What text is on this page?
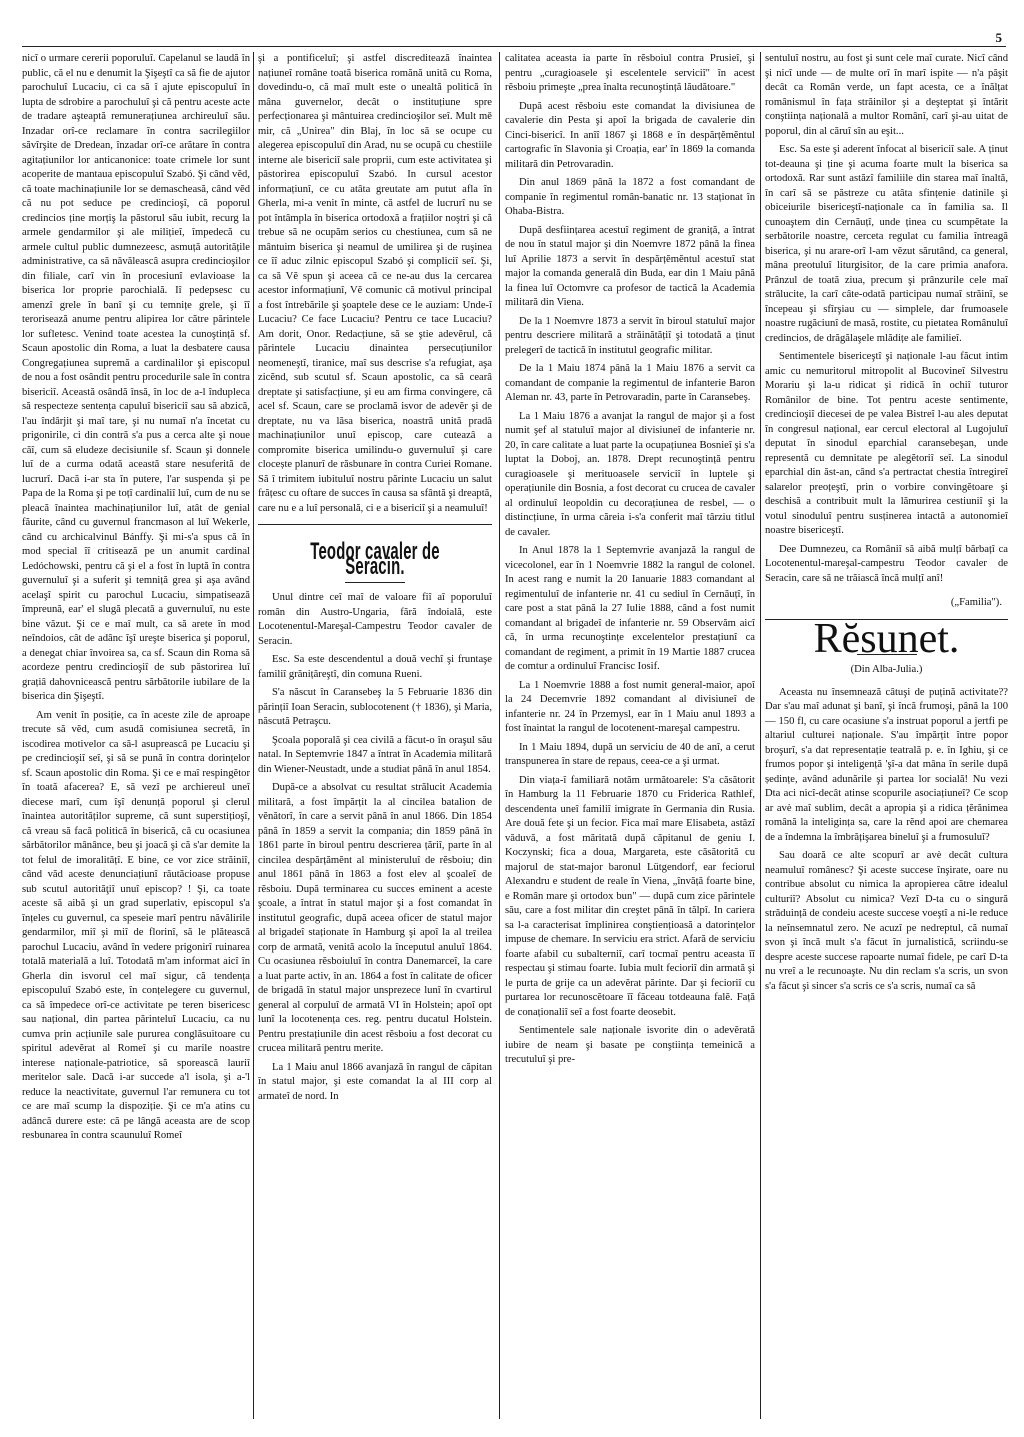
5

nicî o urmare cererii poporuluî. Capelanul se laudă în public, că el nu e denumit la Şişeştî ca să fie de ajutor parochuluî Lucaciu, ci ca să î ajute episcopuluî în lupta de sdrobire a parochuluî şi că pentru aceste acte de tradare aşteaptă remunerațiunea archireuluî său. Inzadar orî-ce reclamare în contra sacrilegiilor săvîrşite de Dredean, înzadar orî-ce arătare în contra agitațiunilor lor anticanonice: toate crimele lor sunt acoperite de mantaua episcopuluî Szabó. Şi când vĕd, că toate machinațiunile lor se demascheasă, când vĕd că nu pot seduce pe credincioşî, că poporul credincios ține morțiş la păstorul său iubit, recurg la armele gendarmilor şi ale milițieî, împedecă cu armele cultul public dumnezeesc, asmuță autoritățile administrative, ca să năvăleascâ asupra credincioşilor din filiale, carî vin în procesiunî evlavioase la biserica lor proprie parochială. Iî pedepsesc cu amenzî grele în banî şi cu temnițe grele, şi îî terorisează anume pentru alipirea lor către părintele lor sufletesc. Venind toate acestea la cunoştință sf. Scaun apostolic din Roma, a luat la desbatere causa Congregațiunea supremă a cardinalilor şi episcopul de nou a fost osândit pentru procedurile sale în contra bisericiî. Această osândă însă, în loc de a-l îndupleca să respecteze sentența capuluî bisericiî sau să abzică, l'au îndârjit şi maî tare, şi nu numaî n'a încetat cu prigonirile, ci din contră s'a pus a cerca alte şi noue căî, cum să eludeze decisiunile sf. Scaun şi donnele luî de a curma odată această stare nesuferită de lucrurî. Dacă i-ar sta în putere, l'ar suspenda şi pe Papa de la Roma şi pe toțî cardinaliî luî, cum de nu se pleacă înaintea machinațiunilor luî, atât de genial făurite, când cu guvernul francmason al luî Wekerle, când cu archicalvinul Bánffy. Şi mi-s'a spus că în mod special îî critisează pe un anumit cardinal Ledóchowski, pentru că şi el a fost în luptă în contra guvernuluî şi a suferit şi temniță grea şi aşa având acelaşî spirit cu parochul Lucaciu, simpatisează împreună, ear' el slugă plecată a guvernuluî, nu este bine văzut. Şi ce e maî mult, ca să arete în mod neîndoios, cât de adânc îşî ureşte biserica şi poporul, a denegat chiar învoirea sa, ca sf. Scaun din Roma să acordeze pentru credincioşiî de sub păstorirea luî grațiâ dahovnicească pentru sărbătorile iubilare de la biserica din Şişeştî.

Am venit în posiție, ca în aceste zile de aproape trecute să vĕd, cum asudă comisiunea secretă, în iscodirea motivelor ca să-l asupreascâ pe Lucaciu şi pe credincioşiî seî, şi să se pună în contra dorințelor sf. Scaun apostolic din Roma. Şi ce e maî respingĕtor în toată afacerea? E, să vezî pe archiereul uneî diecese marî, cum îşî denunță poporul şi clerul înaintea autorităților supreme, că sunt superstițioşî, că vreau să facă politică în biserică, că cu ocasiunea sărbătorilor mânânce, beu şi joacă şi că s'ar demite la tot felul de imoralitățî. E bine, ce vor zice străiniî, când văd aceste denunciațiunî răutăcioase propuse sub scutul autorităţiî unuî episcop? ! Şi, ca toate aceste să aibă şi un grad superlativ, episcopul s'a înțeles cu guvernul, ca speseie marî pentru năvălirile gendarmilor, miî şi miî de florinî, să le plătească parochul Lucaciu, având în vedere prigonirî ruinarea totală materială a luî. Totodată m'am informat aicî în Gherla din isvorul cel maî sigur, că tendența episcopuluî Szabó este, în conțelegere cu guvernul, ca să împedece orî-ce activitate pe teren bisericesc sau național, din partea părinteluî Lucaciu, ca nu cumva prin acțiunile sale pururea conglăsuitoare cu spiritul adevĕrat al Romeî şi cu marile noastre interese naționale-patriotice, să sporească lauriî meritelor sale. Dacă i-ar succede a'l isola, şi a-'l reduce la neactivitate, guvernul l'ar remunera cu tot ce are maî scump la dispoziție. Şi ce m'a atins cu adâncă durere este: că pe lângă aceasta are de scop resbunarea în contra scaunuluî Romeî

şi a pontificeluî; şi astfel discreditează înaintea națiuneî române toată biserica romănă unită cu Roma, dovedindu-o, că maî mult este o unealtă politică în mâna guvernelor, decât o instituțiune spre perfecționarea şi mântuirea credincioşilor seî. Mult mě mir, că „Unirea" din Blaj, în loc să se ocupe cu alegerea episcopuluî din Arad, nu se ocupă cu chestiile interne ale bisericiî sale proprii, cum este activitatea şi păstorirea episcopuluî Szabó. In cursul acestor informațiunî, ce cu atâta greutate am putut afla în Gherla, mi-a venit în minte, că astfel de lucrurî nu se pot întâmpla în biserica ortodoxă a frațiilor noştri şi că trebue să ne ocupăm serios cu chestiunea, cum să ne mântuim biserica şi neamul de umilirea şi de ruşinea ce îî aduc zilnic episcopul Szabó şi compliciî seî. Şi, ca să Vĕ spun şi aceea că ce ne-au dus la cercarea acestor informațiunî, Vĕ comunic că motivul principal a fost întrebările şi şoaptele dese ce le auziam: Unde-î Lucaciu? Ce face Lucaciu? Pentru ce tace Lucaciu? Am dorit, Onor. Redacțiune, să se ştie adevĕrul, că părintele Lucaciu dinaintea persecuțiunilor neomeneştî, tiranice, maî sus descrise s'a refugiat, aşa zicĕnd, sub scutul sf. Scaun apostolic, ca să cearâ dreptate şi satisfacțiune, şi eu am firma convingere, că acel sf. Scaun, care se proclamă isvor de adevĕr şi de dreptate, nu va lăsa biserica, noastră unită pradă machinațiunilor unuî episcop, care cuteazâ a compromite biserica umilindu-o guvernuluî şi care clocește planurî de răsbunare în contra Curiei Romane. Să î trimitem iubituluî nostru părinte Lucaciu un salut frățesc cu oftare de succes în causa sa sfântă şi dreaptă, care nu e a luî personală, ci e a bisericiî şi a neamuluî!

Teodor cavaler de Seracin.

Unul dintre ceî maî de valoare fiî aî poporuluî român din Austro-Ungaria, fără îndoială, este Locotenentul-Mareşal-Campestru Teodor cavaler de Seracin.

Esc. Sa este descendentul a două vechî şi fruntaşe familiî grănițăreştî, din comuna Rueni.

S'a născut în Caransebeş la 5 Februarie 1836 din părințiî Ioan Seracin, sublocotenent († 1836), şi Maria, născută Petraşcu.

Şcoala poporală şi cea civilă a făcut-o în oraşul său natal. In Septemvrie 1847 a întrat în Academia militară din Wiener-Neustadt, unde a studiat până în anul 1854.

După-ce a absolvat cu resultat strălucit Academia militară, a fost împărțit la al cincilea batalion de vĕnătorî, în care a servit până în anul 1866. Din 1854 până în 1859 a servit la compania; din 1859 până în 1861 parte în biroul pentru descrierea țăriî, parte în al cincilea despărțămĕnt al ministeruluî de rĕsboiu; din anul 1861 până în 1863 a fost elev al şcoaleî de rĕsboiu. După terminarea cu succes eminent a aceste şcoale, a întrat în statul major şi a fost comandat în institutul geografic, după aceea oficer de statul major al brigadeî staționate în Hamburg şi apoî la al treilea corp de armată, venită acolo la începutul anuluî 1864. Cu ocasiunea rĕsboiuluî în contra Danemarceî, la care a luat parte activ, în an. 1864 a fost în calitate de oficer de brigadă în statul major unsprezece lunî în cvartirul general al corpuluî de armată VI în Holstein; apoî opt lunî la locotenența ces. reg. pentru ducatul Holstein. Pentru prestațiunile din acest rĕsboiu a fost decorat cu crucea militară pentru merite.

La 1 Maiu anul 1866 avanjază în rangul de căpitan în statul major, şi este comandat la al III corp al armateî de nord. In

calitatea aceasta ia parte în rĕsboiul contra Prusieî, şi pentru „curagioasele şi escelentele serviciî" în acest rĕsboiu primeşte „prea înalta recunoştință lăudătoare."

După acest rĕsboiu este comandat la divisiunea de cavalerie din Pesta şi apoî la brigada de cavalerie din Cinci-bisericî. In anîî 1867 şi 1868 e în despărțĕmĕntul cartografic în Slavonia şi Croația, ear' în 1869 la comanda militară din Petrovaradin.

Din anul 1869 până la 1872 a fost comandant de companie în regimentul român-banatic nr. 13 staționat în Ohaba-Bistra.

După desființarea acestuî regiment de graniță, a întrat de nou în statul major şi din Noemvre 1872 până la finea luî Aprilie 1873 a servit în despărțĕmĕntul acestuî stat major la comanda generală din Buda, ear din 1 Maiu până la finea luî Octomvre ca profesor de tactică la Academia militară din Viena.

De la 1 Noemvre 1873 a servit în biroul statuluî major pentru descriere militară a străinătățiî şi totodată a ținut prelegerî de tactică în institutul geografic militar.

De la 1 Maiu 1874 până la 1 Maiu 1876 a servit ca comandant de companie la regimentul de infanterie Baron Aleman nr. 43, parte în Petrovaradin, parte în Caransebeş.

La 1 Maiu 1876 a avanjat la rangul de major şi a fost numit şef al statuluî major al divisiuneî de infanterie nr. 20, în care calitate a luat parte la ocupațiunea Bosnieî şi s'a luptat la Doboj, an. 1878. Drept recunoştință pentru curagioasele şi merituoasele serviciî în luptele şi operațiunile din Bosnia, a fost decorat cu crucea de cavaler al ordinuluî leopoldin cu decorațiunea de resbel, — o distincțiune, în urma căreia i-s'a conferit maî târziu titlul de cavaler.

In Anul 1878 la 1 Septemvrie avanjază la rangul de vicecolonel, ear în 1 Noemvrie 1882 la rangul de colonel. In acest rang e numit la 20 Ianuarie 1883 comandant al regimentuluî de infanterie nr. 41 cu sediul în Cernăuțî, în care post a stat până la 27 Iulie 1888, când a fost numit comandant al brigadeî de infanterie nr. 59 Observăm aicî că, în urma recunoştințe excelentelor prestațiunî ca comandant de regiment, a primit în 19 Martie 1887 crucea de comtur a ordinuluî Francisc Iosif.

La 1 Noemvrie 1888 a fost numit general-maior, apoî la 24 Decemvrie 1892 comandant al divisiuneî de infanterie nr. 24 în Przemysl, ear în 1 Maiu anul 1893 a fost înaintat la rangul de locotenent-mareşal campestru.

In 1 Maiu 1894, după un serviciu de 40 de anî, a cerut transpunerea în stare de repaus, ceea-ce a şi urmat.

Din viața-î familiară notăm următoarele: S'a căsătorit în Hamburg la 11 Februarie 1870 cu Friderica Rathlef, descendenta uneî familiî imigrate în Germania din Rusia. Are două fete şi un fecior. Fica maî mare Elisabeta, astăzî văduvă, a fost măritată după căpitanul de geniu I. Koczynski; fica a doua, Margareta, este căsătorită cu majorul de stat-major baronul Lütgendorf, ear feciorul Alexandru e student de reale în Viena, „învăță foarte bine, e Român mare şi ortodox bun" — după cum zice părintele său, care a fost militar din creştet până în tălpî. In cariera sa l-a caracterisat împlinirea conştiențioasă a datorințelor impuse de chemare. In serviciu era strict. Afară de serviciu foarte afabil cu subalterniî, carî tocmaî pentru aceasta îî respectau şi stimau foarte. Iubia mult fecioriî din armată şi le purta de grije ca un adevĕrat părinte. Dar şi fecioriî cu purtarea lor recunoscĕtoare îî făceau totdeauna falĕ. Față de conaționaliî seî a fost foarte deosebit.

Sentimentele sale naționale isvorite din o adevĕrată iubire de neam şi basate pe conştiința temeinică a trecutuluî şi pre-

sentuluî nostru, au fost şi sunt cele maî curate. Nicî când şi nicî unde — de multe orî în marî ispite — n'a păşit decât ca Român verde, un fapt acesta, ce a înălțat românismul în fața străinilor şi a deşteptat şi întărit conştiința națională a multor Românî, carî şi-au uitat de poporul, din al căruî sîn au eşit...

Esc. Sa este şi aderent înfocat al bisericiî sale. A ținut tot-deauna şi ține şi acuma foarte mult la biserica sa ortodoxă. Rar sunt astăzî familiile din starea maî înaltă, în carî să se păstreze cu atâta sfințenie datinile şi obiceiurile bisericeştî-naționale ca în familia sa. Il cunoaştem din Cernăuțî, unde ținea cu scumpĕtate la serbătorile noastre, cerceta regulat cu familia întreagă biserica, şi nu arare-orî l-am vĕzut sărutând, ca general, mâna preotuluî liturgisitor, de la care primia anafora. Prânzul de toată ziua, precum şi prânzurile cele maî strălucite, la carî câte-odată participau numaî străinî, se începeau şi sfîrşiau cu — simplele, dar frumoasele noastre rugăciunî de masă, rostite, cu pietatea Românuluî credincios, de drăgălaşele mlădițe ale familieî.

Sentimentele bisericeştî şi naționale l-au făcut intim amic cu nemuritorul mitropolit al Bucovineî Silvestru Morariu şi la-u ridicat şi ridică în ochiî tuturor Românilor de bine. Tot pentru aceste sentimente, credincioşiî diecesei de pe valea Bistreî l-au ales deputat în congresul național, ear cercul electoral al Lugojuluî deputat în sinodul eparchial caransebeşan, unde representă cu demnitate pe alegĕtoriî seî. La sinodul eparchial din ăst-an, când s'a pertractat chestia întregireî salarelor preoțeştî, prin o vorbire convingĕtoare şi deschisă a contribuit mult la lămurirea cestiuniî şi la votul sinoduluî pentru susținerea intactă a autonomieî noastre bisericeştî.

Dee Dumnezeu, ca Româniî să aibă mulțî bărbațî ca Locotenentul-mareşal-campestru Teodor cavaler de Seracin, care să ne trăiască încă mulțî anî!

(„Familia").
Rĕsunet.
(Din Alba-Julia.)

Aceasta nu însemnează câtuşi de puțină activitate?? Dar s'au maî adunat şi banî, şi încă frumoşi, până la 100 — 150 fl, cu care ocasiune s'a instruat poporul a jertfi pe altariul culturei naționale. S'au împărțit între popor broşurî, s'a dat representație teatrală p. e. în Ighiu, şi ce frumos popor şi inteligență 'şî-a dat mâna în serile după ședințe, având adunările şi partea lor socială! Nu vezi Dta aci nicî-decât atinse scopurile asociațiuneî? Ce scop ar avè maî sublim, decât a apropia şi a ridica țĕrănimea română la inteligința sa, care la rĕnd apoi are chemarea de a îndemna la îmbrățişarea bineluî şi a frumosuluî?

Sau doară ce alte scopurî ar avè decât cultura neamuluî românesc? Şi aceste succese înşirate, oare nu contribue absolut cu nimica la apropierea către idealul culturiî? Absolut cu nimica? Vezî D-ta cu o singură străduință de condeiu aceste succese voeştî a ni-le reduce la neînsemnatul zero. Ne acuzî pe nedreptul, că numaî svon şi încă mult s'a făcut în jurnalistică, scriindu-se despre aceste succese rapoarte numaî fidele, pe carî D-ta nu vreî a le recunoaşte. Nu din reclam s'a scris, un svon s'a făcut şi sincer s'a scris ce s'a scris, numaî ca să
